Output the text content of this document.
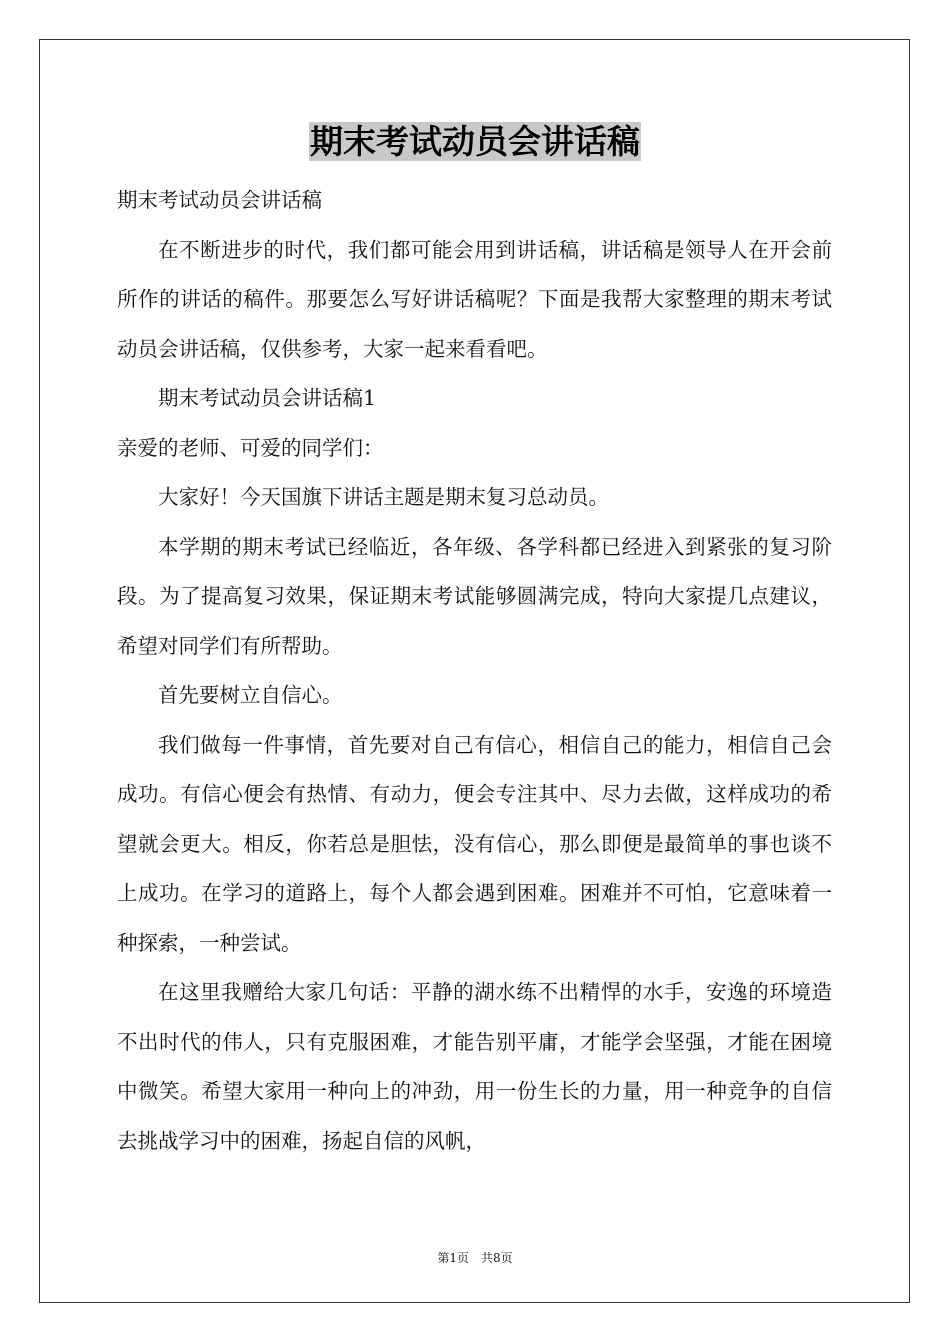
期末考试动员会讲话稿

期末考试动员会讲话稿

在不断进步的时代，我们都可能会用到讲话稿，讲话稿是领导人在开会前所作的讲话的稿件。那要怎么写好讲话稿呢？下面是我帮大家整理的期末考试动员会讲话稿，仅供参考，大家一起来看看吧。

期末考试动员会讲话稿1

亲爱的老师、可爱的同学们：

大家好！今天国旗下讲话主题是期末复习总动员。

本学期的期末考试已经临近，各年级、各学科都已经进入到紧张的复习阶段。为了提高复习效果，保证期末考试能够圆满完成，特向大家提几点建议，希望对同学们有所帮助。

首先要树立自信心。

我们做每一件事情，首先要对自己有信心，相信自己的能力，相信自己会成功。有信心便会有热情、有动力，便会专注其中、尽力去做，这样成功的希望就会更大。相反，你若总是胆怯，没有信心，那么即便是最简单的事也谈不上成功。在学习的道路上，每个人都会遇到困难。困难并不可怕，它意味着一种探索，一种尝试。

在这里我赠给大家几句话：平静的湖水练不出精悍的水手，安逸的环境造不出时代的伟人，只有克服困难，才能告别平庸，才能学会坚强，才能在困境中微笑。希望大家用一种向上的冲劲，用一份生长的力量，用一种竞争的自信去挑战学习中的困难，扬起自信的风帆，

第1页　共8页
